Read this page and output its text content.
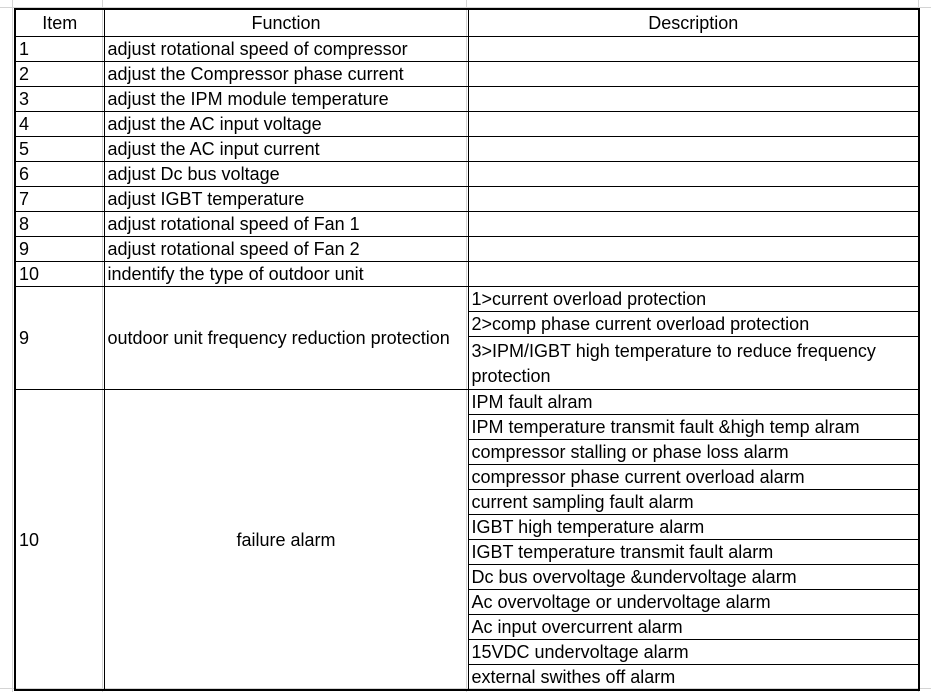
Item	Function	Description
1	adjust rotational speed of compressor	
2	adjust the Compressor phase current	
3	adjust the IPM module temperature	
4	adjust the AC input voltage	
5	adjust the AC input current	
6	adjust Dc bus voltage	
7	adjust IGBT temperature	
8	adjust rotational speed of Fan 1	
9	adjust rotational speed of Fan 2	
10	indentify the type of outdoor unit	
9	outdoor unit frequency reduction protection	1>current overload protection
		2>comp phase current overload protection
		3>IPM/IGBT high temperature to reduce frequency protection
10	failure alarm	IPM fault alram
		IPM temperature transmit fault &high temp alram
		compressor stalling or phase loss alarm
		compressor phase current overload alarm
		current sampling fault alarm
		IGBT high temperature alarm
		IGBT temperature transmit fault alarm
		Dc bus overvoltage &undervoltage alarm
		Ac overvoltage or undervoltage alarm
		Ac input overcurrent alarm
		15VDC undervoltage alarm
		external swithes off alarm
